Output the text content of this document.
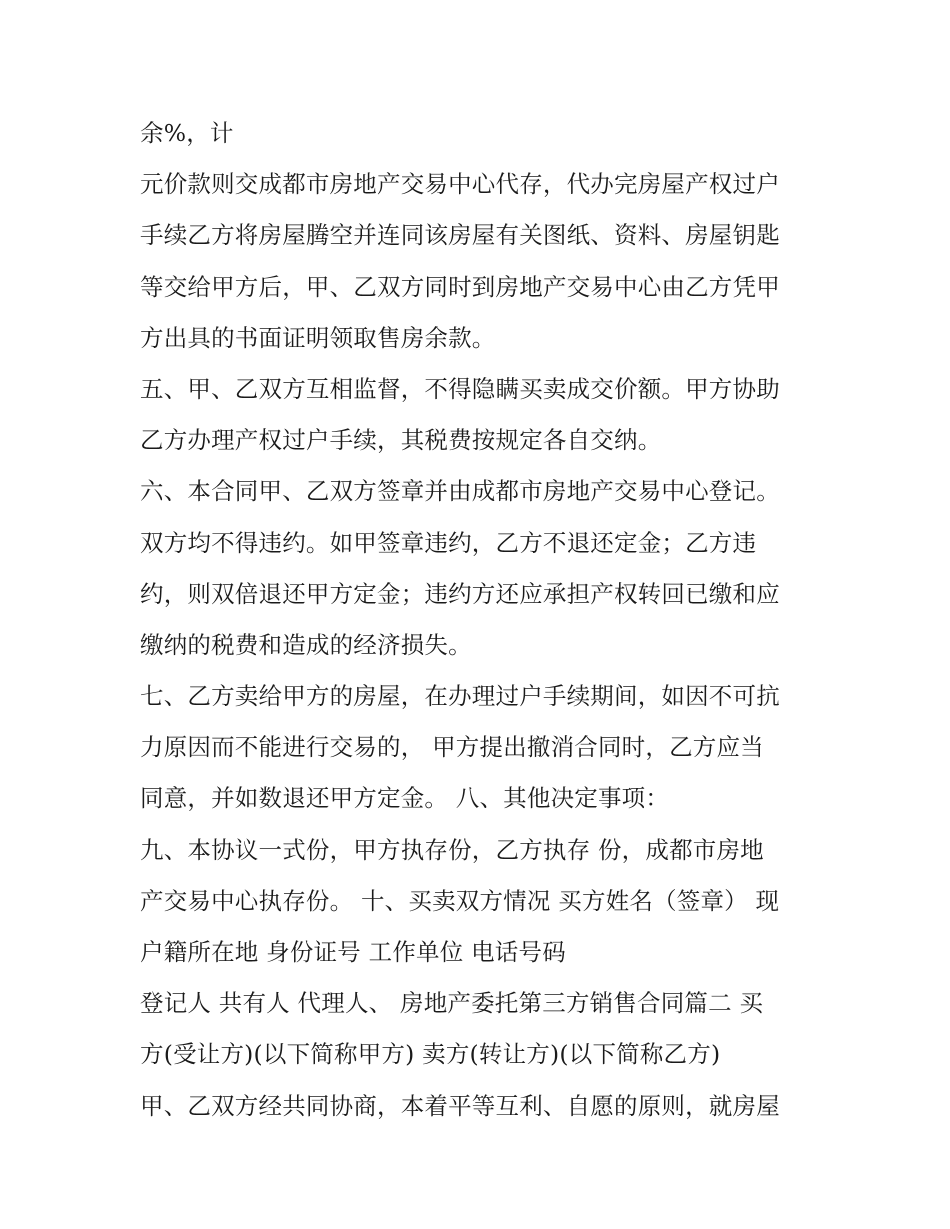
余%，计
元价款则交成都市房地产交易中心代存，代办完房屋产权过户
手续乙方将房屋腾空并连同该房屋有关图纸、资料、房屋钥匙
等交给甲方后，甲、乙双方同时到房地产交易中心由乙方凭甲
方出具的书面证明领取售房余款。
五、甲、乙双方互相监督，不得隐瞒买卖成交价额。甲方协助
乙方办理产权过户手续，其税费按规定各自交纳。
六、本合同甲、乙双方签章并由成都市房地产交易中心登记。
双方均不得违约。如甲签章违约，乙方不退还定金；乙方违
约，则双倍退还甲方定金；违约方还应承担产权转回已缴和应
缴纳的税费和造成的经济损失。
七、乙方卖给甲方的房屋，在办理过户手续期间，如因不可抗
力原因而不能进行交易的， 甲方提出撤消合同时，乙方应当
同意，并如数退还甲方定金。 八、其他决定事项：
九、本协议一式份，甲方执存份，乙方执存 份，成都市房地
产交易中心执存份。 十、买卖双方情况 买方姓名（签章） 现
户籍所在地 身份证号 工作单位 电话号码
登记人 共有人 代理人、 房地产委托第三方销售合同篇二 买
方(受让方)(以下简称甲方) 卖方(转让方)(以下简称乙方)
甲、乙双方经共同协商，本着平等互利、自愿的原则，就房屋
